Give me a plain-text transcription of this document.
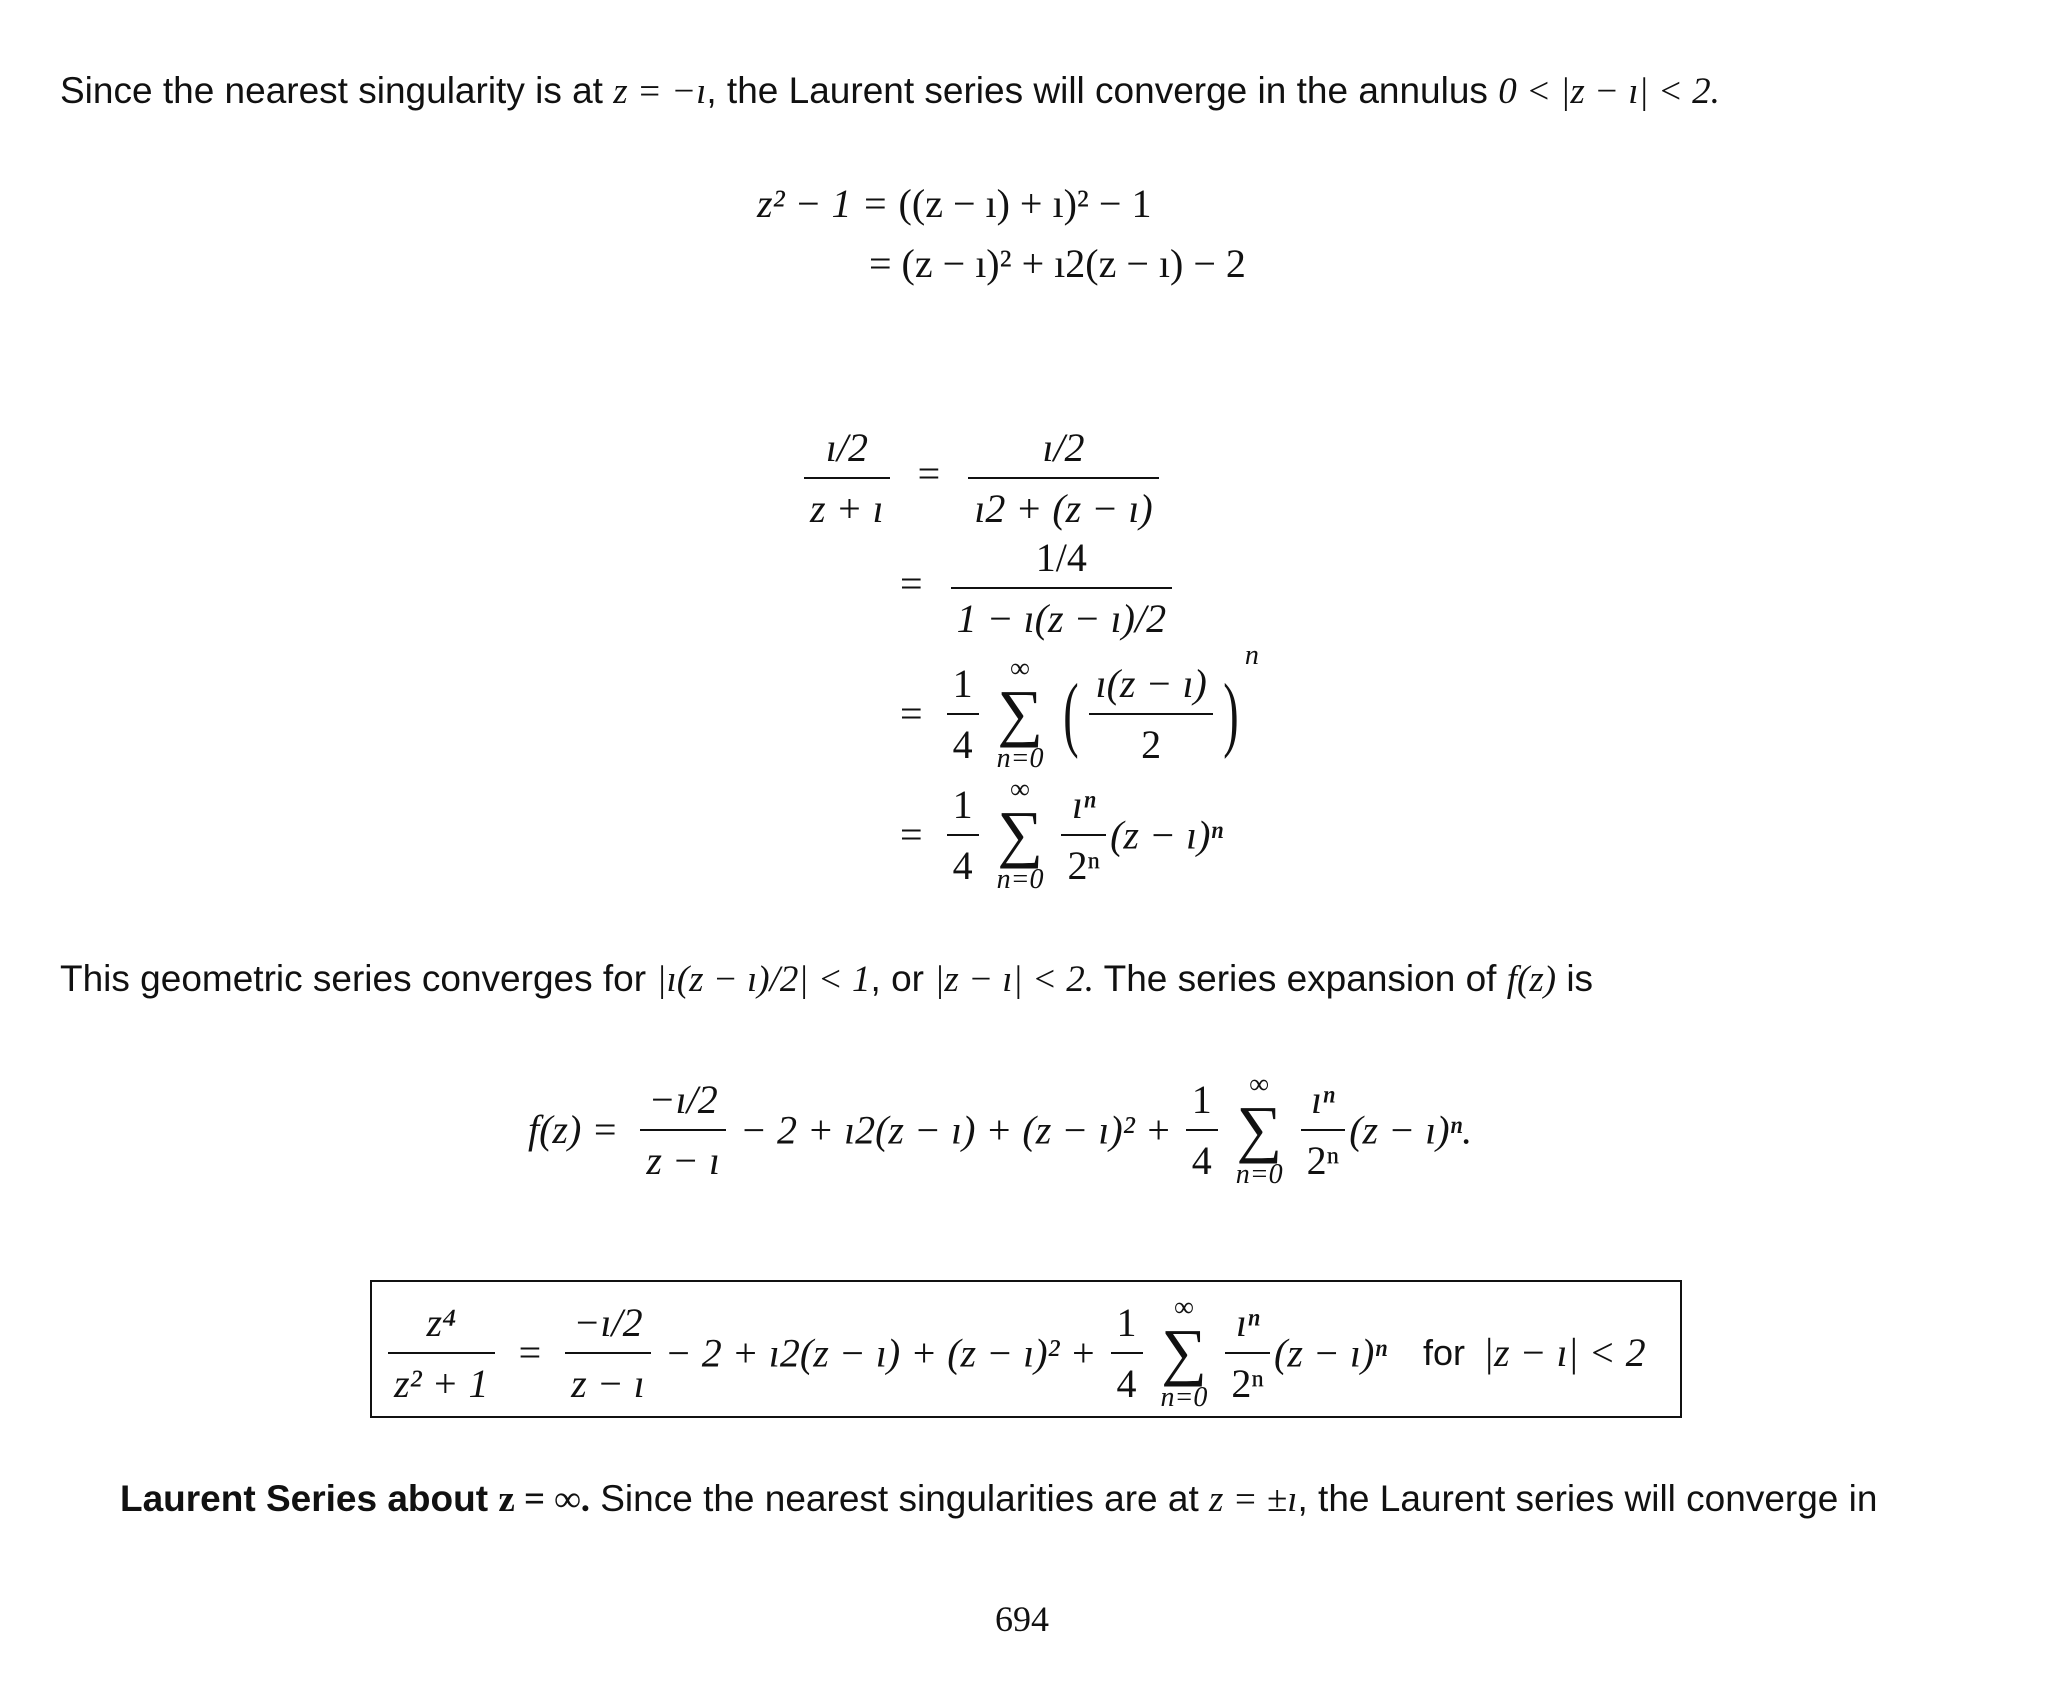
Since the nearest singularity is at z = −ı, the Laurent series will converge in the annulus 0 < |z − ı| < 2.
z² − 1 = ((z − ı) + ı)² − 1
= (z − ı)² + ı2(z − ı) − 2
$\frac{ı/2}{z + ı} = \frac{ı/2}{ı2 + (z - ı)}$
= $\frac{1/4}{1 - ı(z - ı)/2}$
= $\frac{1}{4}$
	∞
∑
n=0 ( $\frac{ı(z - ı)}{2} )^n$
= $\frac{1}{4}$
	∞
∑
n=0
$\frac{\text{ıⁿ}}{\text{2ⁿ}} (z$ − ı)ⁿ
This geometric series converges for |ı(z − ı)/2| < 1, or |z − ı| < 2. The series expansion of f(z) is
$f(z) = \frac{-ı/2}{z - ı} - 2$ + ı2(z − ı) + (z − ı)² + $\frac{1}{4}$
	∞
∑
n=0
$\frac{\text{ıⁿ}}{\text{2ⁿ}} (z$ − ı)ⁿ.
$\frac{\text{z⁴}}{\text{z² + 1}} = \frac{-ı/2}{z - ı} - 2$ + ı2(z − ı) + (z − ı)² + $\frac{1}{4}$
	∞
∑
n=0
$\frac{\text{ıⁿ}}{\text{2ⁿ}} (z$ − ı)ⁿ for |z − ı| < 2
Laurent Series about z = ∞. Since the nearest singularities are at z = ±ı, the Laurent series will converge in
694
